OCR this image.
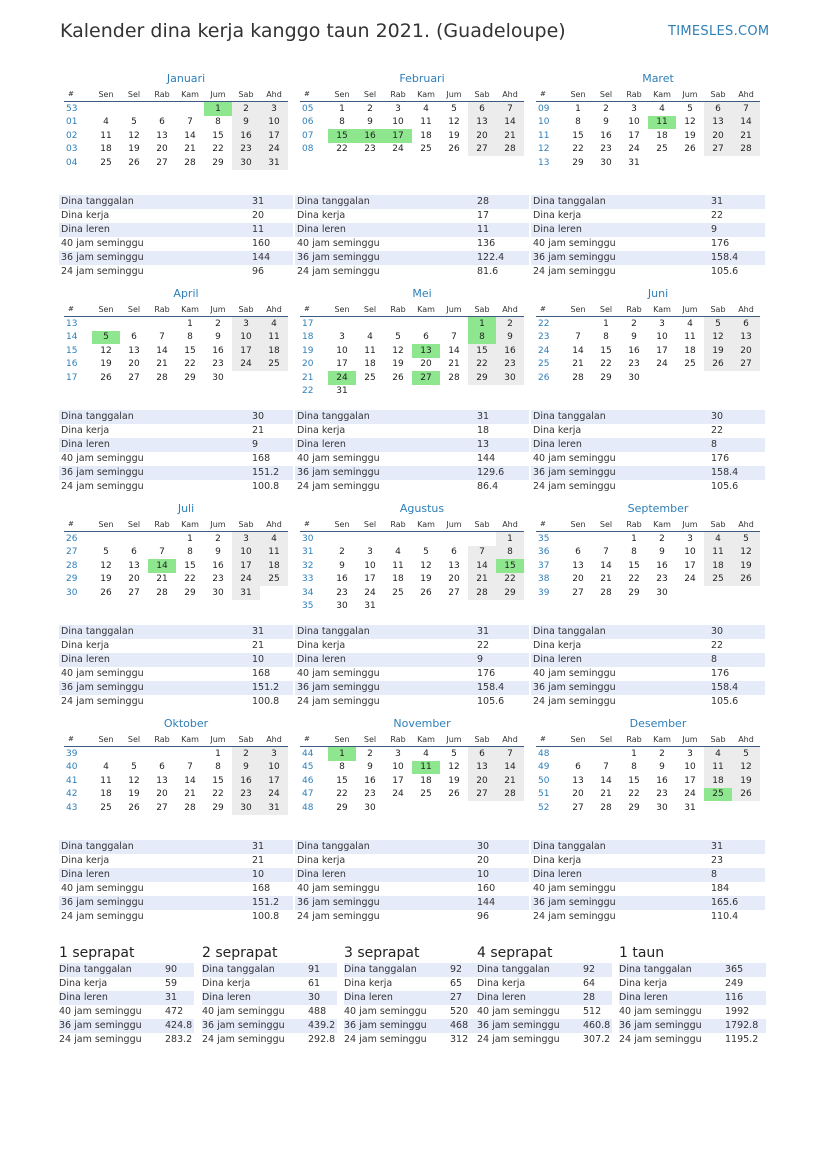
Kalender dina kerja kanggo taun 2021. (Guadeloupe)	TIMESLES.COM
Januari
#	Sen	Sel	Rab	Kam	Jum	Sab	Ahd
53					1	2	3
01	4	5	6	7	8	9	10
02	11	12	13	14	15	16	17
03	18	19	20	21	22	23	24
04	25	26	27	28	29	30	31
Dina tanggalan	31
Dina kerja	20
Dina leren	11
40 jam seminggu	160
36 jam seminggu	144
24 jam seminggu	96
Februari
#	Sen	Sel	Rab	Kam	Jum	Sab	Ahd
05	1	2	3	4	5	6	7
06	8	9	10	11	12	13	14
07	15	16	17	18	19	20	21
08	22	23	24	25	26	27	28
Dina tanggalan	28
Dina kerja	17
Dina leren	11
40 jam seminggu	136
36 jam seminggu	122.4
24 jam seminggu	81.6
Maret
#	Sen	Sel	Rab	Kam	Jum	Sab	Ahd
09	1	2	3	4	5	6	7
10	8	9	10	11	12	13	14
11	15	16	17	18	19	20	21
12	22	23	24	25	26	27	28
13	29	30	31				
Dina tanggalan	31
Dina kerja	22
Dina leren	9
40 jam seminggu	176
36 jam seminggu	158.4
24 jam seminggu	105.6
April
#	Sen	Sel	Rab	Kam	Jum	Sab	Ahd
13				1	2	3	4
14	5	6	7	8	9	10	11
15	12	13	14	15	16	17	18
16	19	20	21	22	23	24	25
17	26	27	28	29	30		
Dina tanggalan	30
Dina kerja	21
Dina leren	9
40 jam seminggu	168
36 jam seminggu	151.2
24 jam seminggu	100.8
Mei
#	Sen	Sel	Rab	Kam	Jum	Sab	Ahd
17						1	2
18	3	4	5	6	7	8	9
19	10	11	12	13	14	15	16
20	17	18	19	20	21	22	23
21	24	25	26	27	28	29	30
22	31						
Dina tanggalan	31
Dina kerja	18
Dina leren	13
40 jam seminggu	144
36 jam seminggu	129.6
24 jam seminggu	86.4
Juni
#	Sen	Sel	Rab	Kam	Jum	Sab	Ahd
22		1	2	3	4	5	6
23	7	8	9	10	11	12	13
24	14	15	16	17	18	19	20
25	21	22	23	24	25	26	27
26	28	29	30				
Dina tanggalan	30
Dina kerja	22
Dina leren	8
40 jam seminggu	176
36 jam seminggu	158.4
24 jam seminggu	105.6
Juli
#	Sen	Sel	Rab	Kam	Jum	Sab	Ahd
26				1	2	3	4
27	5	6	7	8	9	10	11
28	12	13	14	15	16	17	18
29	19	20	21	22	23	24	25
30	26	27	28	29	30	31	
Dina tanggalan	31
Dina kerja	21
Dina leren	10
40 jam seminggu	168
36 jam seminggu	151.2
24 jam seminggu	100.8
Agustus
#	Sen	Sel	Rab	Kam	Jum	Sab	Ahd
30							1
31	2	3	4	5	6	7	8
32	9	10	11	12	13	14	15
33	16	17	18	19	20	21	22
34	23	24	25	26	27	28	29
35	30	31					
Dina tanggalan	31
Dina kerja	22
Dina leren	9
40 jam seminggu	176
36 jam seminggu	158.4
24 jam seminggu	105.6
September
#	Sen	Sel	Rab	Kam	Jum	Sab	Ahd
35			1	2	3	4	5
36	6	7	8	9	10	11	12
37	13	14	15	16	17	18	19
38	20	21	22	23	24	25	26
39	27	28	29	30			
Dina tanggalan	30
Dina kerja	22
Dina leren	8
40 jam seminggu	176
36 jam seminggu	158.4
24 jam seminggu	105.6
Oktober
#	Sen	Sel	Rab	Kam	Jum	Sab	Ahd
39					1	2	3
40	4	5	6	7	8	9	10
41	11	12	13	14	15	16	17
42	18	19	20	21	22	23	24
43	25	26	27	28	29	30	31
Dina tanggalan	31
Dina kerja	21
Dina leren	10
40 jam seminggu	168
36 jam seminggu	151.2
24 jam seminggu	100.8
November
#	Sen	Sel	Rab	Kam	Jum	Sab	Ahd
44	1	2	3	4	5	6	7
45	8	9	10	11	12	13	14
46	15	16	17	18	19	20	21
47	22	23	24	25	26	27	28
48	29	30					
Dina tanggalan	30
Dina kerja	20
Dina leren	10
40 jam seminggu	160
36 jam seminggu	144
24 jam seminggu	96
Desember
#	Sen	Sel	Rab	Kam	Jum	Sab	Ahd
48			1	2	3	4	5
49	6	7	8	9	10	11	12
50	13	14	15	16	17	18	19
51	20	21	22	23	24	25	26
52	27	28	29	30	31		
Dina tanggalan	31
Dina kerja	23
Dina leren	8
40 jam seminggu	184
36 jam seminggu	165.6
24 jam seminggu	110.4
1 seprapat
Dina tanggalan	90
Dina kerja	59
Dina leren	31
40 jam seminggu 472
36 jam seminggu 424.8
24 jam seminggu 283.2
2 seprapat
Dina tanggalan	91
Dina kerja	61
Dina leren	30
40 jam seminggu 488
36 jam seminggu 439.2
24 jam seminggu 292.8
3 seprapat
Dina tanggalan	92
Dina kerja	65
Dina leren	27
40 jam seminggu 520
36 jam seminggu 468
24 jam seminggu 312
4 seprapat
Dina tanggalan	92
Dina kerja	64
Dina leren	28
40 jam seminggu 512
36 jam seminggu 460.8
24 jam seminggu 307.2
1 taun
Dina tanggalan	365
Dina kerja	249
Dina leren	116
40 jam seminggu 1992
36 jam seminggu 1792.8
24 jam seminggu 1195.2
